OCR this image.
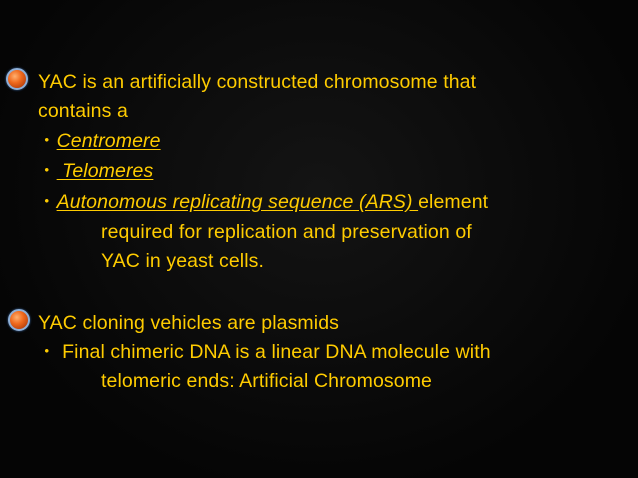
YAC is an artificially constructed chromosome that
contains a
・Centromere
・ Telomeres
・Autonomous replicating sequence (ARS) element
required for replication and preservation of
YAC in yeast cells.
YAC cloning vehicles are plasmids
・ Final chimeric DNA is a linear DNA molecule with
telomeric ends: Artificial Chromosome
